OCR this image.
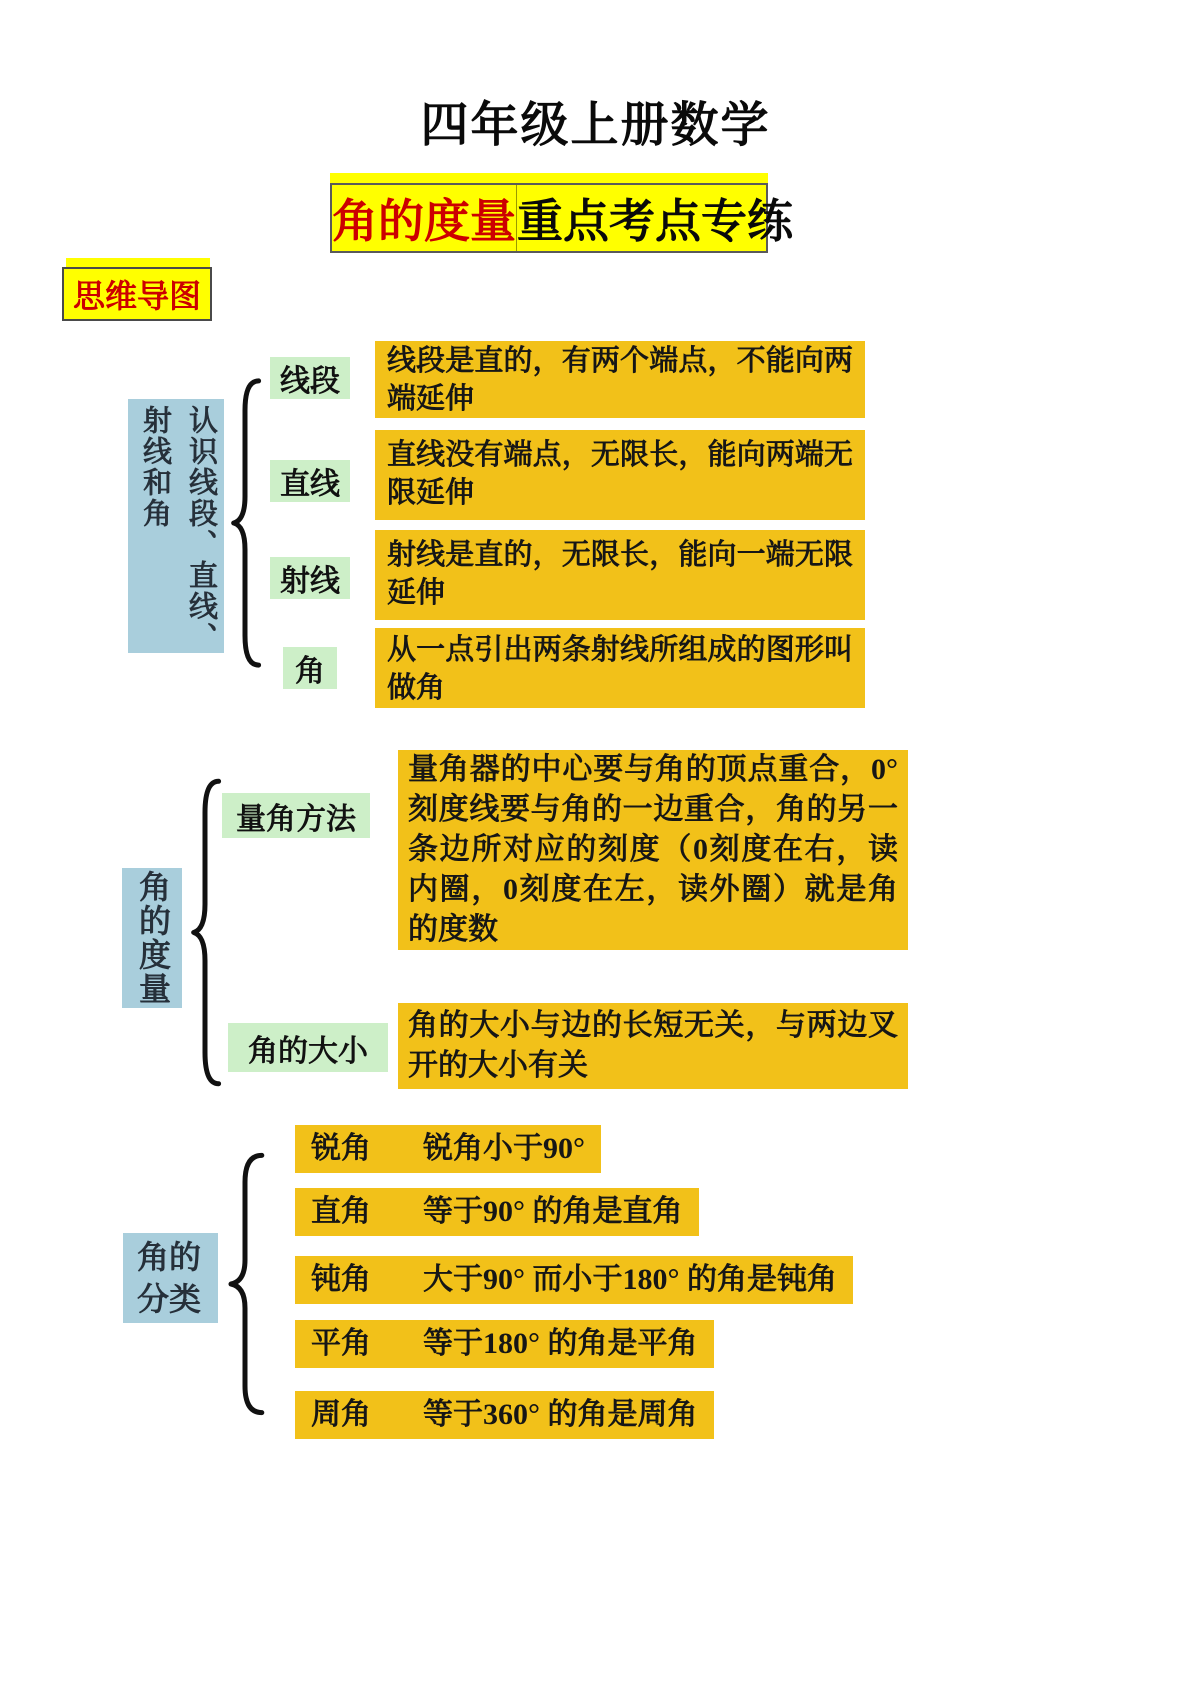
四年级上册数学
角的度量 重点考点专练
思维导图
认识线段、直线、射线和角
线段
直线
射线
角
线段是直的，有两个端点，不能向两端延伸
直线没有端点，无限长，能向两端无限延伸
射线是直的，无限长，能向一端无限延伸
从一点引出两条射线所组成的图形叫做角
角的度量
量角方法
角的大小
量角器的中心要与角的顶点重合，0°刻度线要与角的一边重合，角的另一条边所对应的刻度（0刻度在右，读内圈，0刻度在左，读外圈）就是角的度数
角的大小与边的长短无关，与两边叉开的大小有关
角的分类
锐角 锐角小于90°
直角 等于90° 的角是直角
钝角 大于90° 而小于180° 的角是钝角
平角 等于180° 的角是平角
周角 等于360° 的角是周角
